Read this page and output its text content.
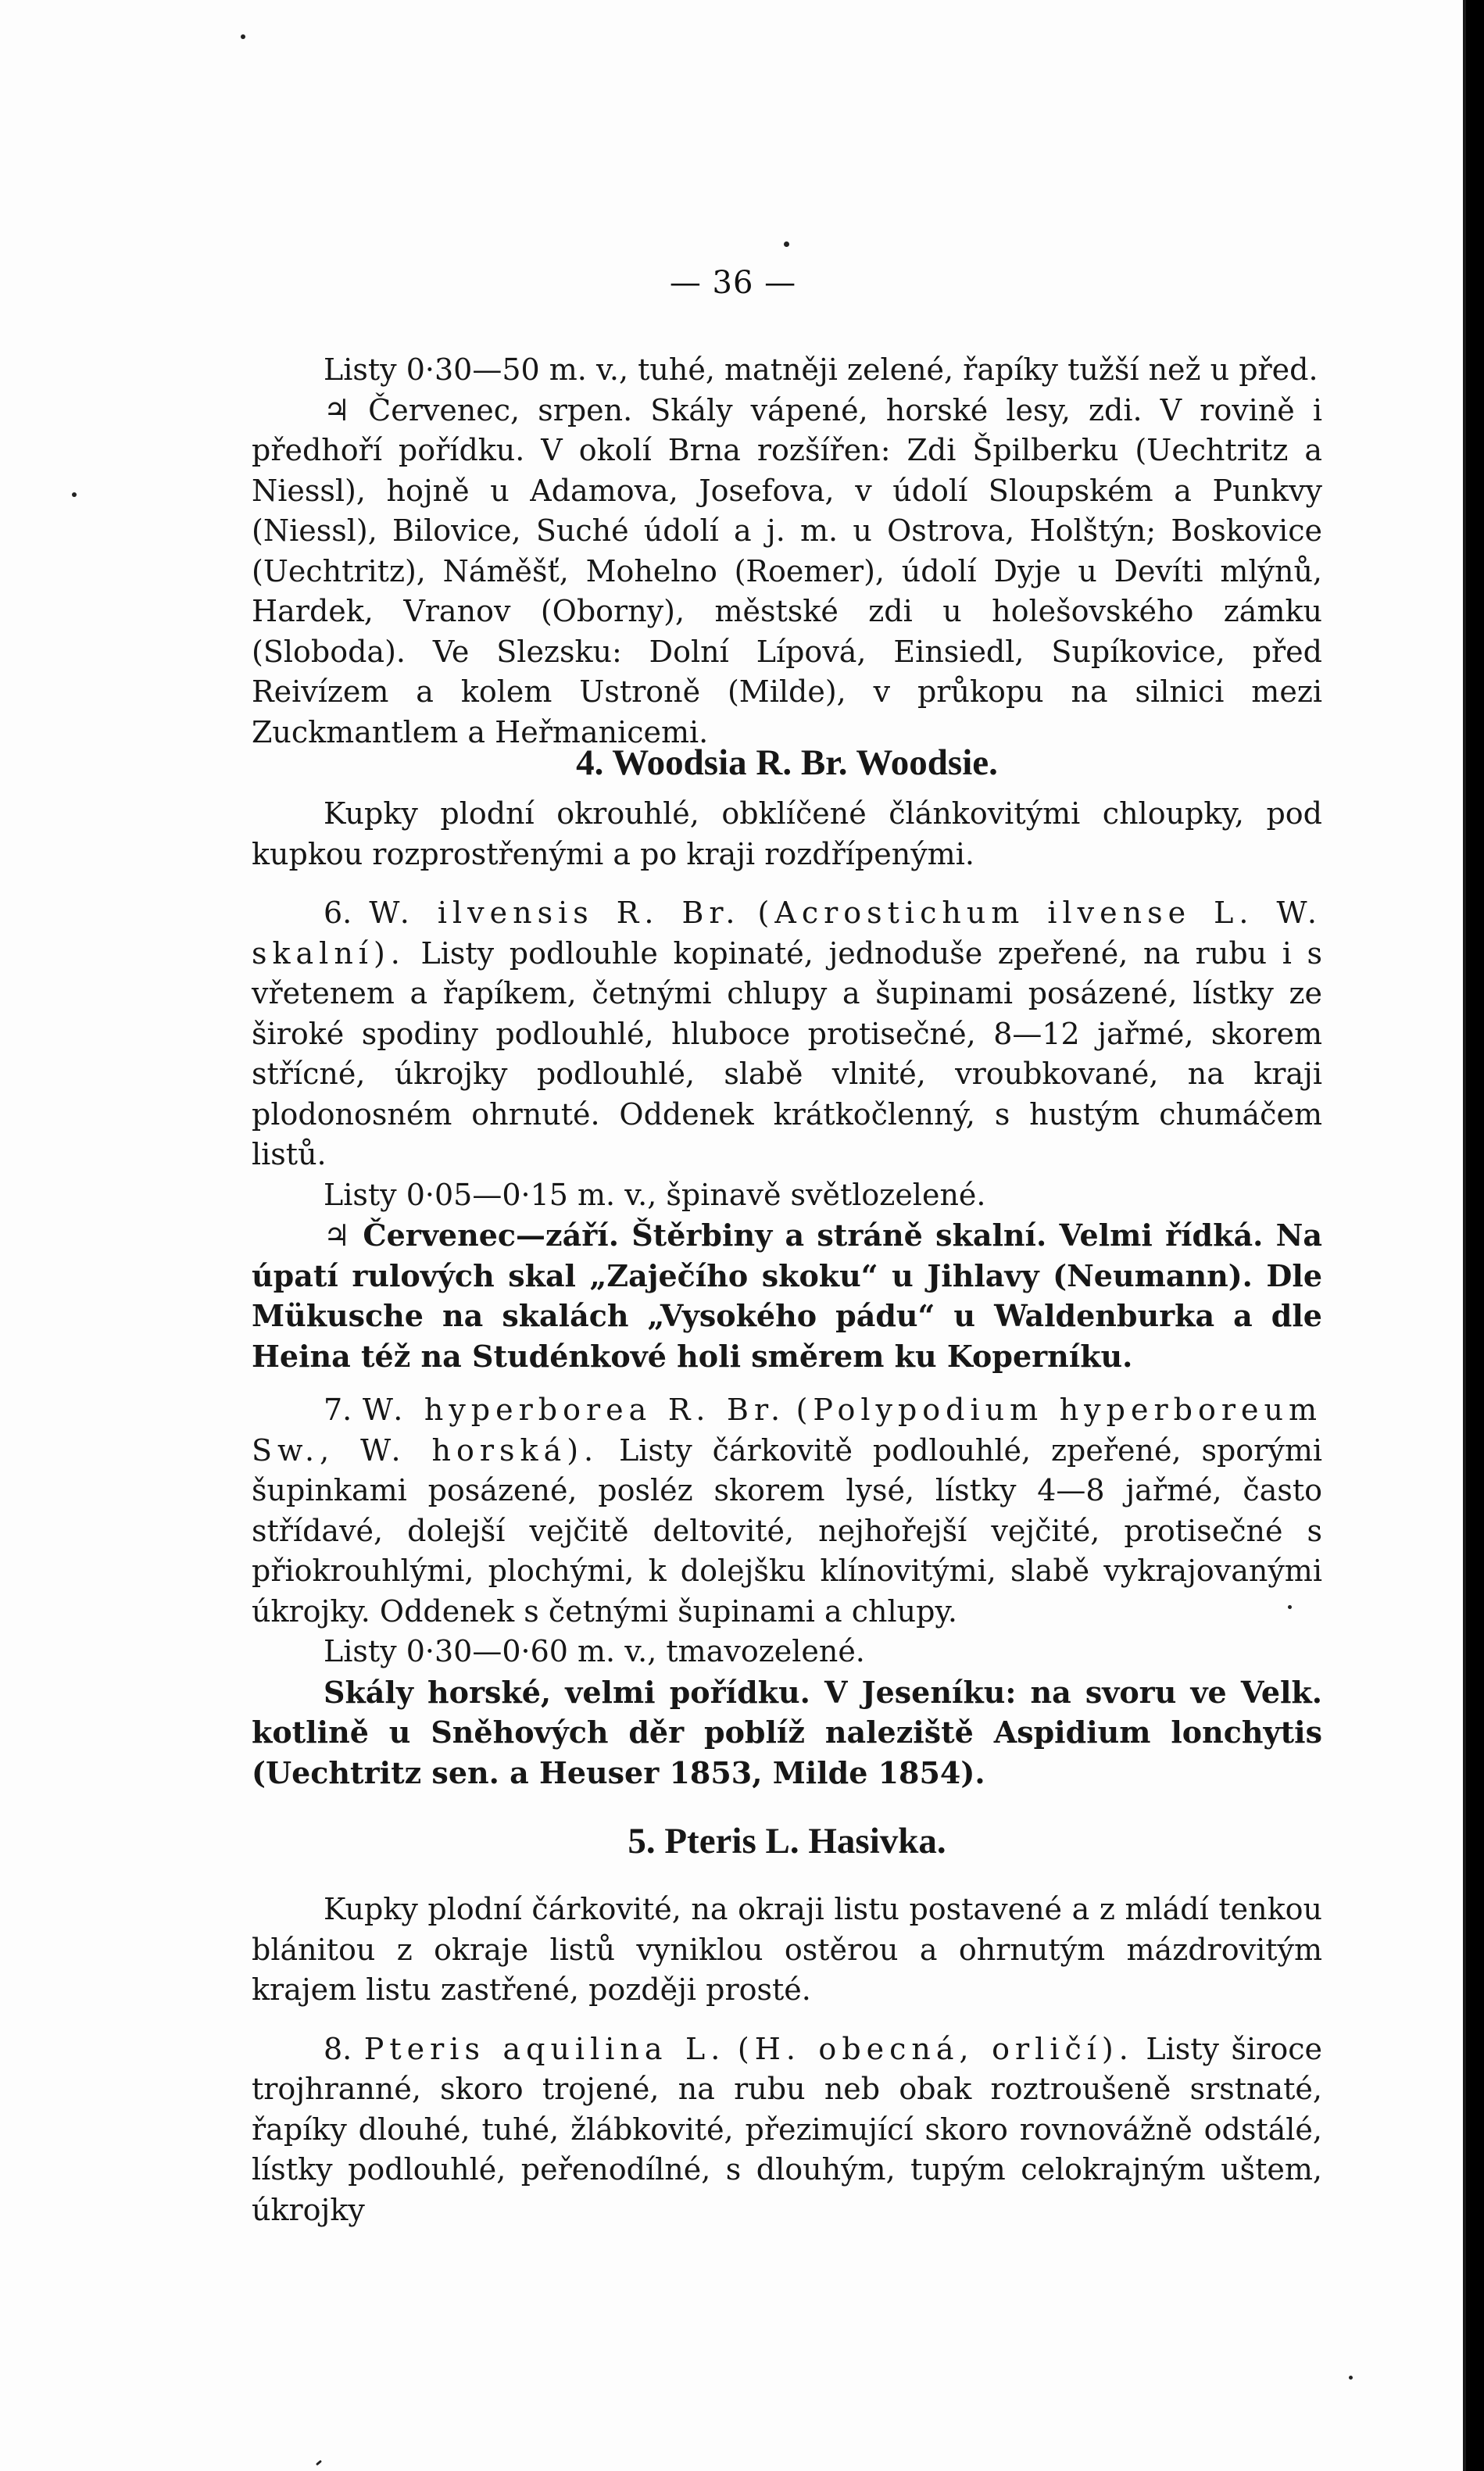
— 36 —

Listy 0·30—50 m. v., tuhé, matněji zelené, řapíky tužší než u před.

♃ Červenec, srpen. Skály vápené, horské lesy, zdi. V rovině i předhoří pořídku. V okolí Brna rozšířen: Zdi Špilberku (Uechtritz a Niessl), hojně u Adamova, Josefova, v údolí Sloupském a Punkvy (Niessl), Bilovice, Suché údolí a j. m. u Ostrova, Holštýn; Boskovice (Uechtritz), Náměšť, Mohelno (Roemer), údolí Dyje u Devíti mlýnů, Hardek, Vranov (Oborny), městské zdi u holešovského zámku (Sloboda). Ve Slezsku: Dolní Lípová, Einsiedl, Supíkovice, před Reivízem a kolem Ustroně (Milde), v průkopu na silnici mezi Zuckmantlem a Heřmanicemi.

4. Woodsia R. Br. Woodsie.

Kupky plodní okrouhlé, obklíčené článkovitými chloupky, pod kupkou rozprostřenými a po kraji rozdřípenými.

6. W. ilvensis R. Br. (Acrostichum ilvense L. W. skalní). Listy podlouhle kopinaté, jednoduše zpeřené, na rubu i s vřetenem a řapíkem, četnými chlupy a šupinami posázené, lístky ze široké spodiny podlouhlé, hluboce protisečné, 8—12 jařmé, skorem střícné, úkrojky podlouhlé, slabě vlnité, vroubkované, na kraji plodonosném ohrnuté. Oddenek krátkočlenný, s hustým chumáčem listů.

Listy 0·05—0·15 m. v., špinavě světlozelené.

♃ Červenec—září. Štěrbiny a stráně skalní. Velmi řídká. Na úpatí rulových skal „Zaječího skoku“ u Jihlavy (Neumann). Dle Mükusche na skalách „Vysokého pádu“ u Waldenburka a dle Heina též na Studénkové holi směrem ku Koperníku.

7. W. hyperborea R. Br. (Polypodium hyperboreum Sw., W. horská). Listy čárkovitě podlouhlé, zpeřené, sporými šupinkami posázené, posléz skorem lysé, lístky 4—8 jařmé, často střídavé, dolejší vejčitě deltovité, nejhořejší vejčité, protisečné s přiokrouhlými, plochými, k dolejšku klínovitými, slabě vykrajovanými úkrojky. Oddenek s četnými šupinami a chlupy.

Listy 0·30—0·60 m. v., tmavozelené.

Skály horské, velmi pořídku. V Jeseníku: na svoru ve Velk. kotlině u Sněhových děr poblíž naleziště Aspidium lonchytis (Uechtritz sen. a Heuser 1853, Milde 1854).

5. Pteris L. Hasivka.

Kupky plodní čárkovité, na okraji listu postavené a z mládí tenkou blánitou z okraje listů vyniklou ostěrou a ohrnutým mázdrovitým krajem listu zastřené, později prosté.

8. Pteris aquilina L. (H. obecná, orličí). Listy široce trojhranné, skoro trojené, na rubu neb obak roztroušeně srstnaté, řapíky dlouhé, tuhé, žlábkovité, přezimující skoro rovnovážně odstálé, lístky podlouhlé, peřenodílné, s dlouhým, tupým celokrajným uštem, úkrojky
